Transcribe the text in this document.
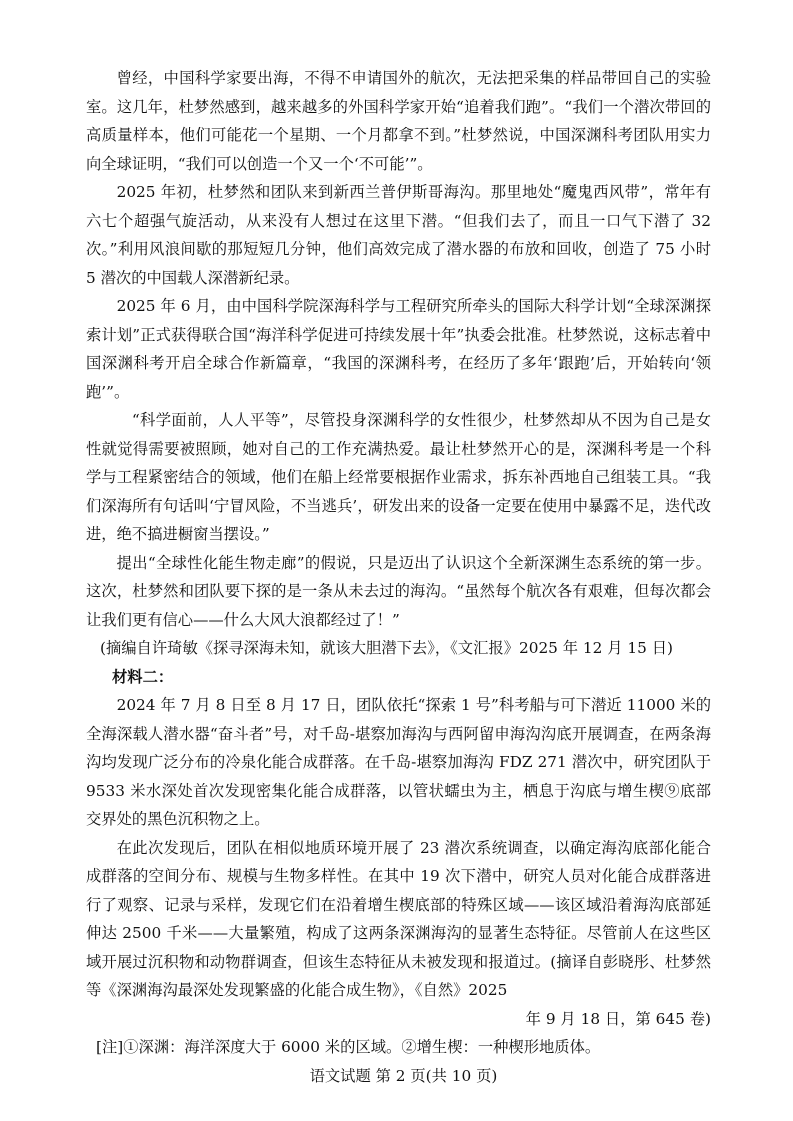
曾经，中国科学家要出海，不得不申请国外的航次，无法把采集的样品带回自己的实验室。这几年，杜梦然感到，越来越多的外国科学家开始“追着我们跑”。“我们一个潜次带回的高质量样本，他们可能花一个星期、一个月都拿不到。”杜梦然说，中国深渊科考团队用实力向全球证明，“我们可以创造一个又一个‘不可能’”。

2025 年初，杜梦然和团队来到新西兰普伊斯哥海沟。那里地处“魔鬼西风带”，常年有六七个超强气旋活动，从来没有人想过在这里下潜。“但我们去了，而且一口气下潜了 32 次。”利用风浪间歇的那短短几分钟，他们高效完成了潜水器的布放和回收，创造了 75 小时 5 潜次的中国载人深潜新纪录。

2025 年 6 月，由中国科学院深海科学与工程研究所牵头的国际大科学计划“全球深渊探索计划”正式获得联合国“海洋科学促进可持续发展十年”执委会批准。杜梦然说，这标志着中国深渊科考开启全球合作新篇章，“我国的深渊科考，在经历了多年‘跟跑’后，开始转向‘领跑’”。

“科学面前，人人平等”，尽管投身深渊科学的女性很少，杜梦然却从不因为自己是女性就觉得需要被照顾，她对自己的工作充满热爱。最让杜梦然开心的是，深渊科考是一个科学与工程紧密结合的领域，他们在船上经常要根据作业需求，拆东补西地自己组装工具。“我们深海所有句话叫‘宁冒风险，不当逃兵’，研发出来的设备一定要在使用中暴露不足，迭代改进，绝不搞进橱窗当摆设。”

提出“全球性化能生物走廊”的假说，只是迈出了认识这个全新深渊生态系统的第一步。这次，杜梦然和团队要下探的是一条从未去过的海沟。“虽然每个航次各有艰难，但每次都会让我们更有信心——什么大风大浪都经过了！”

(摘编自许琦敏《探寻深海未知，就该大胆潜下去》，《文汇报》2025 年 12 月 15 日)

材料二：

2024 年 7 月 8 日至 8 月 17 日，团队依托“探索 1 号”科考船与可下潜近 11000 米的全海深载人潜水器“奋斗者”号，对千岛-堪察加海沟与西阿留申海沟沟底开展调查，在两条海沟均发现广泛分布的冷泉化能合成群落。在千岛-堪察加海沟 FDZ 271 潜次中，研究团队于 9533 米水深处首次发现密集化能合成群落，以管状蠕虫为主，栖息于沟底与增生楔⑨底部交界处的黑色沉积物之上。

在此次发现后，团队在相似地质环境开展了 23 潜次系统调查，以确定海沟底部化能合成群落的空间分布、规模与生物多样性。在其中 19 次下潜中，研究人员对化能合成群落进行了观察、记录与采样，发现它们在沿着增生楔底部的特殊区域——该区域沿着海沟底部延伸达 2500 千米——大量繁殖，构成了这两条深渊海沟的显著生态特征。尽管前人在这些区域开展过沉积物和动物群调查，但该生态特征从未被发现和报道过。(摘译自彭晓彤、杜梦然等《深渊海沟最深处发现繁盛的化能合成生物》，《自然》2025

年 9 月 18 日，第 645 卷)

[注]①深渊：海洋深度大于 6000 米的区域。②增生楔：一种楔形地质体。

语文试题 第 2 页(共 10 页)
